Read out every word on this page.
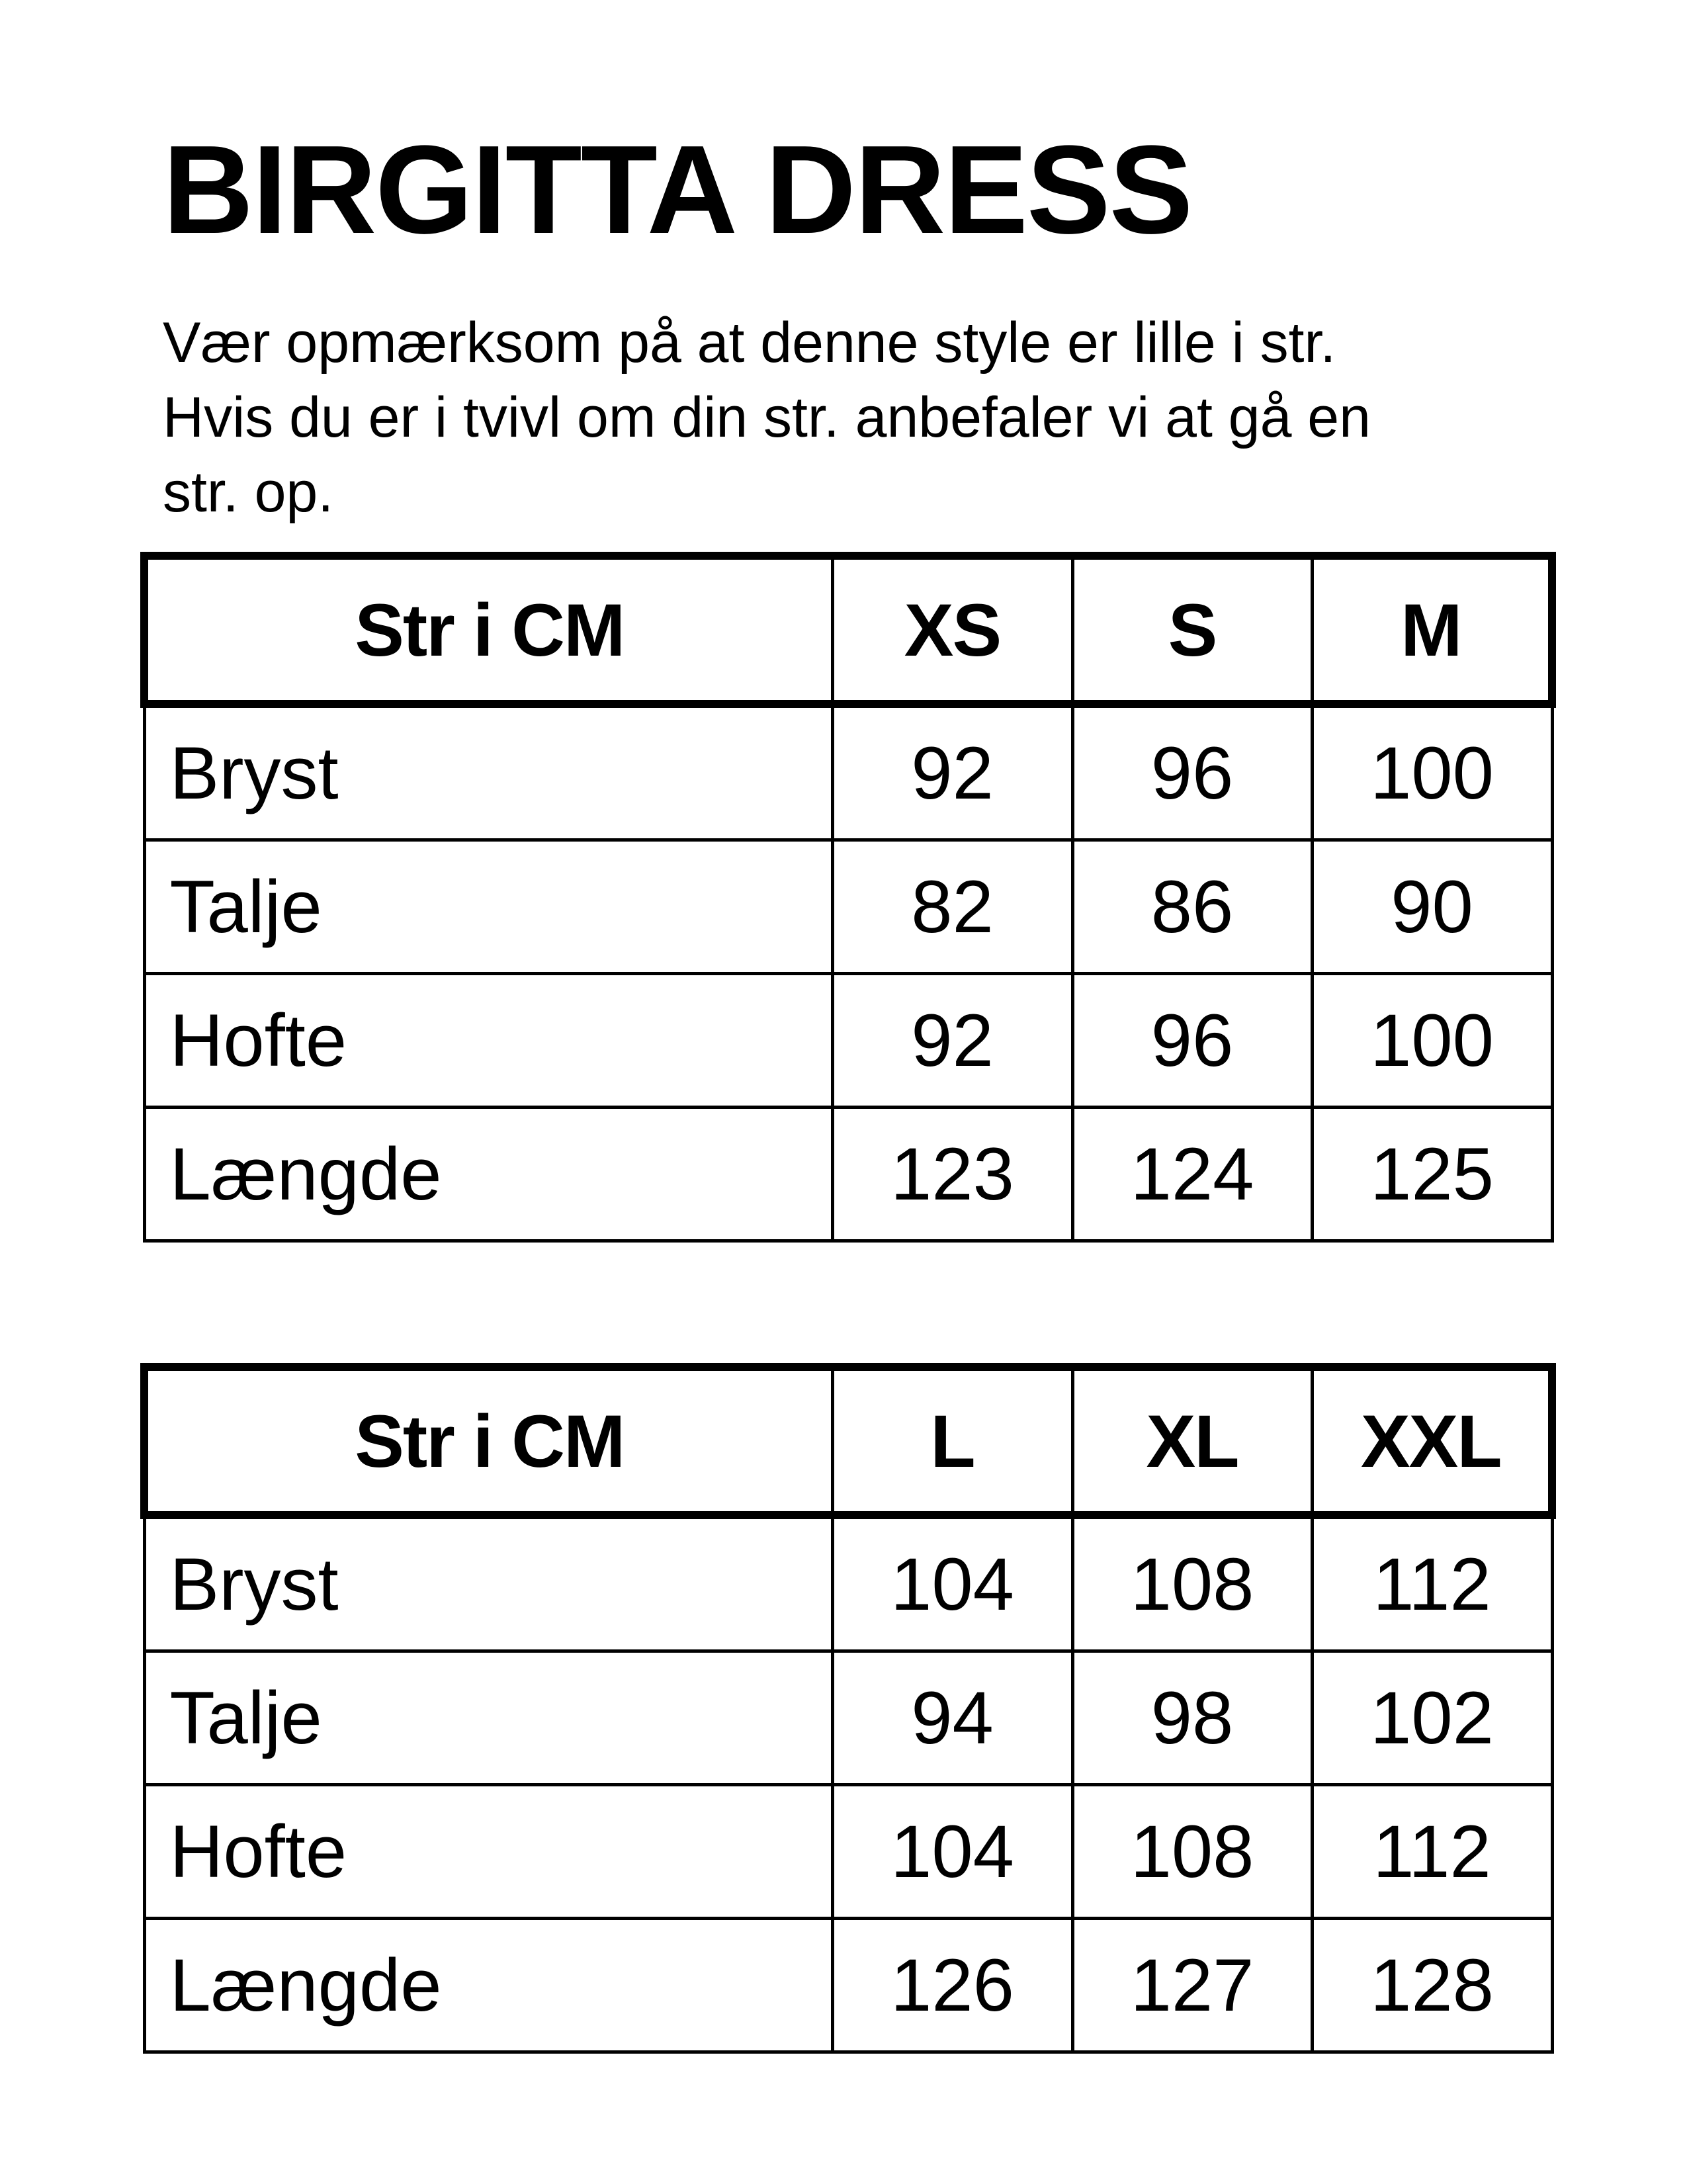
BIRGITTA DRESS

Vær opmærksom på at denne style er lille i str.
Hvis du er i tvivl om din str. anbefaler vi at gå en
str. op.

Str i CM	XS	S	M
Bryst	92	96	100
Talje	82	86	90
Hofte	92	96	100
Længde	123	124	125
Str i CM	L	XL	XXL
Bryst	104	108	112
Talje	94	98	102
Hofte	104	108	112
Længde	126	127	128
